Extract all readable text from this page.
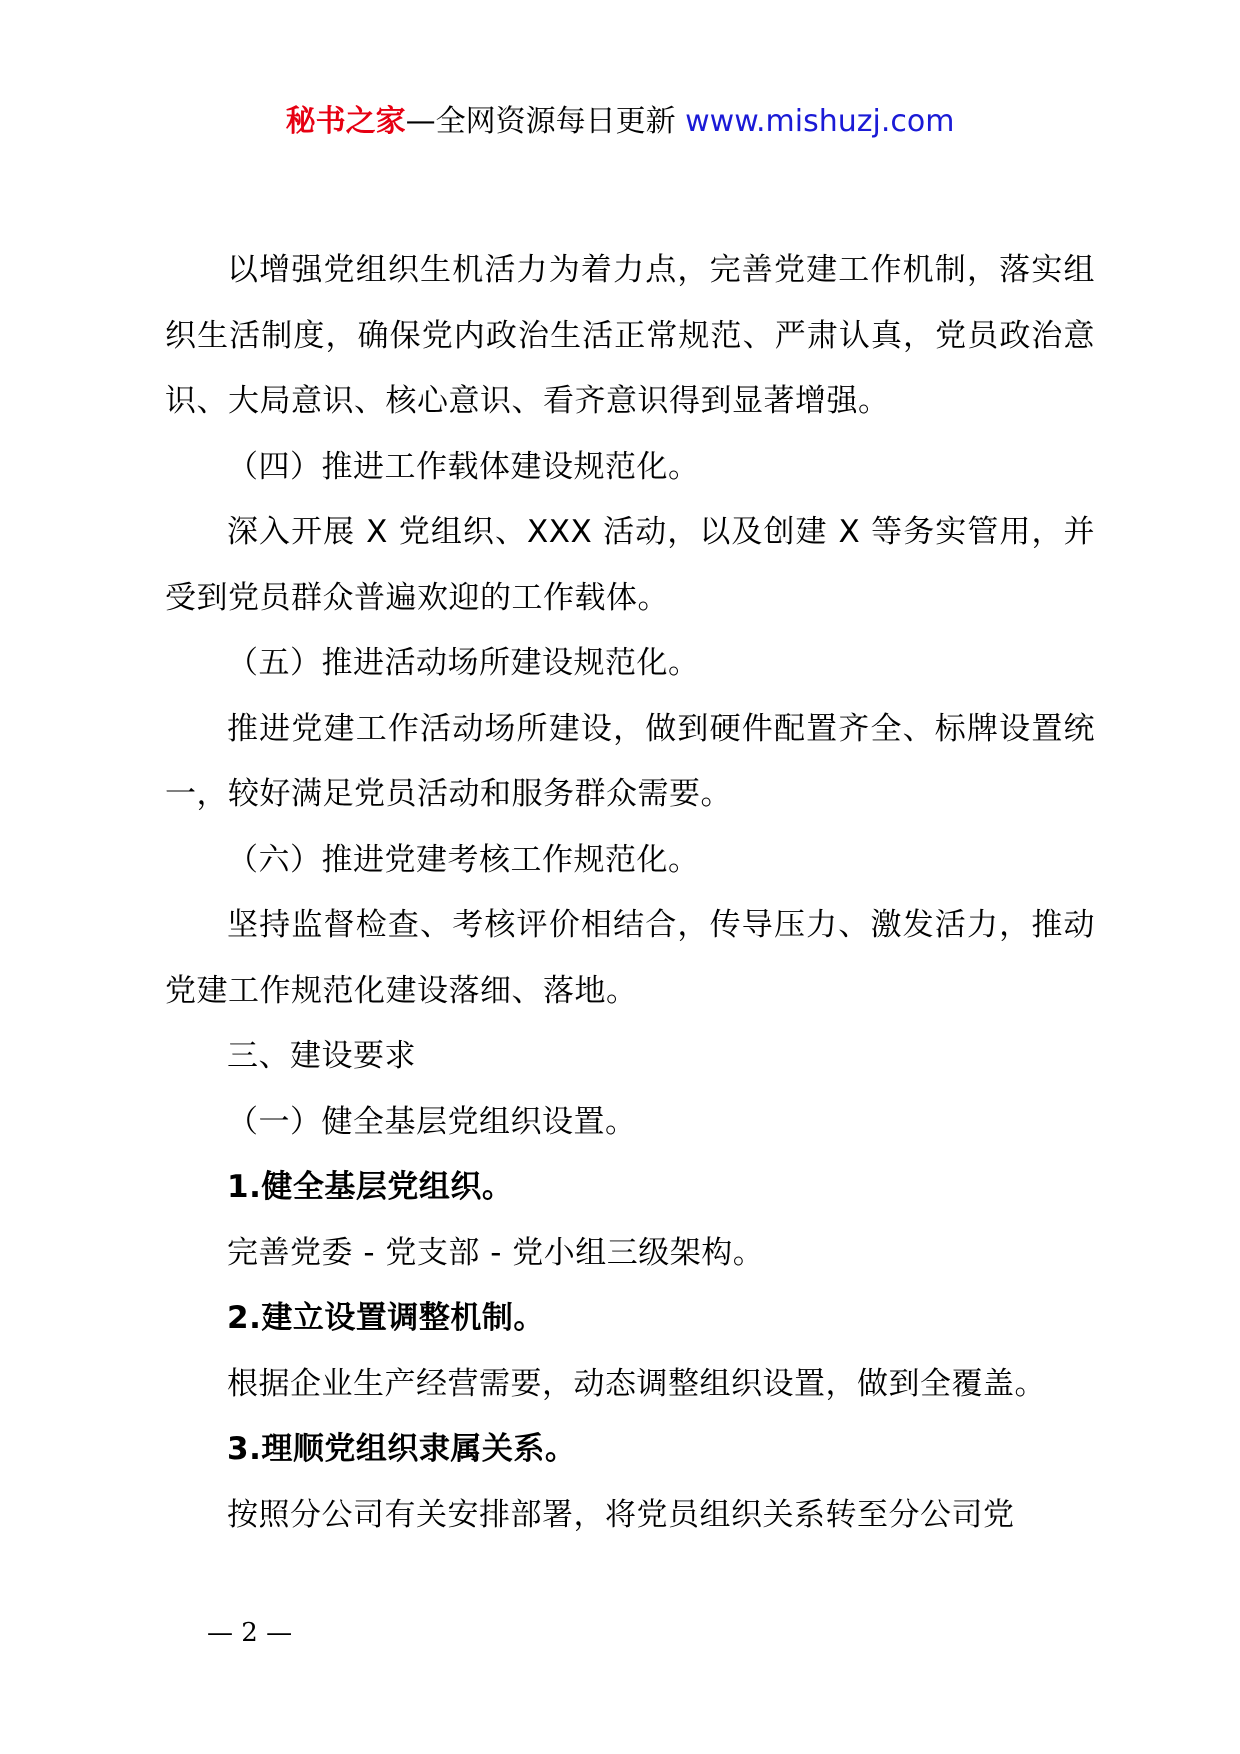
秘书之家—全网资源每日更新 www.mishuzj.com

以增强党组织生机活力为着力点，完善党建工作机制，落实组织生活制度，确保党内政治生活正常规范、严肃认真，党员政治意识、大局意识、核心意识、看齐意识得到显著增强。

（四）推进工作载体建设规范化。

深入开展 X 党组织、XXX 活动，以及创建 X 等务实管用，并受到党员群众普遍欢迎的工作载体。

（五）推进活动场所建设规范化。

推进党建工作活动场所建设，做到硬件配置齐全、标牌设置统一，较好满足党员活动和服务群众需要。

（六）推进党建考核工作规范化。

坚持监督检查、考核评价相结合，传导压力、激发活力，推动党建工作规范化建设落细、落地。

三、建设要求

（一）健全基层党组织设置。

1.健全基层党组织。

完善党委 - 党支部 - 党小组三级架构。

2.建立设置调整机制。

根据企业生产经营需要，动态调整组织设置，做到全覆盖。

3.理顺党组织隶属关系。

按照分公司有关安排部署，将党员组织关系转至分公司党

— 2 —
